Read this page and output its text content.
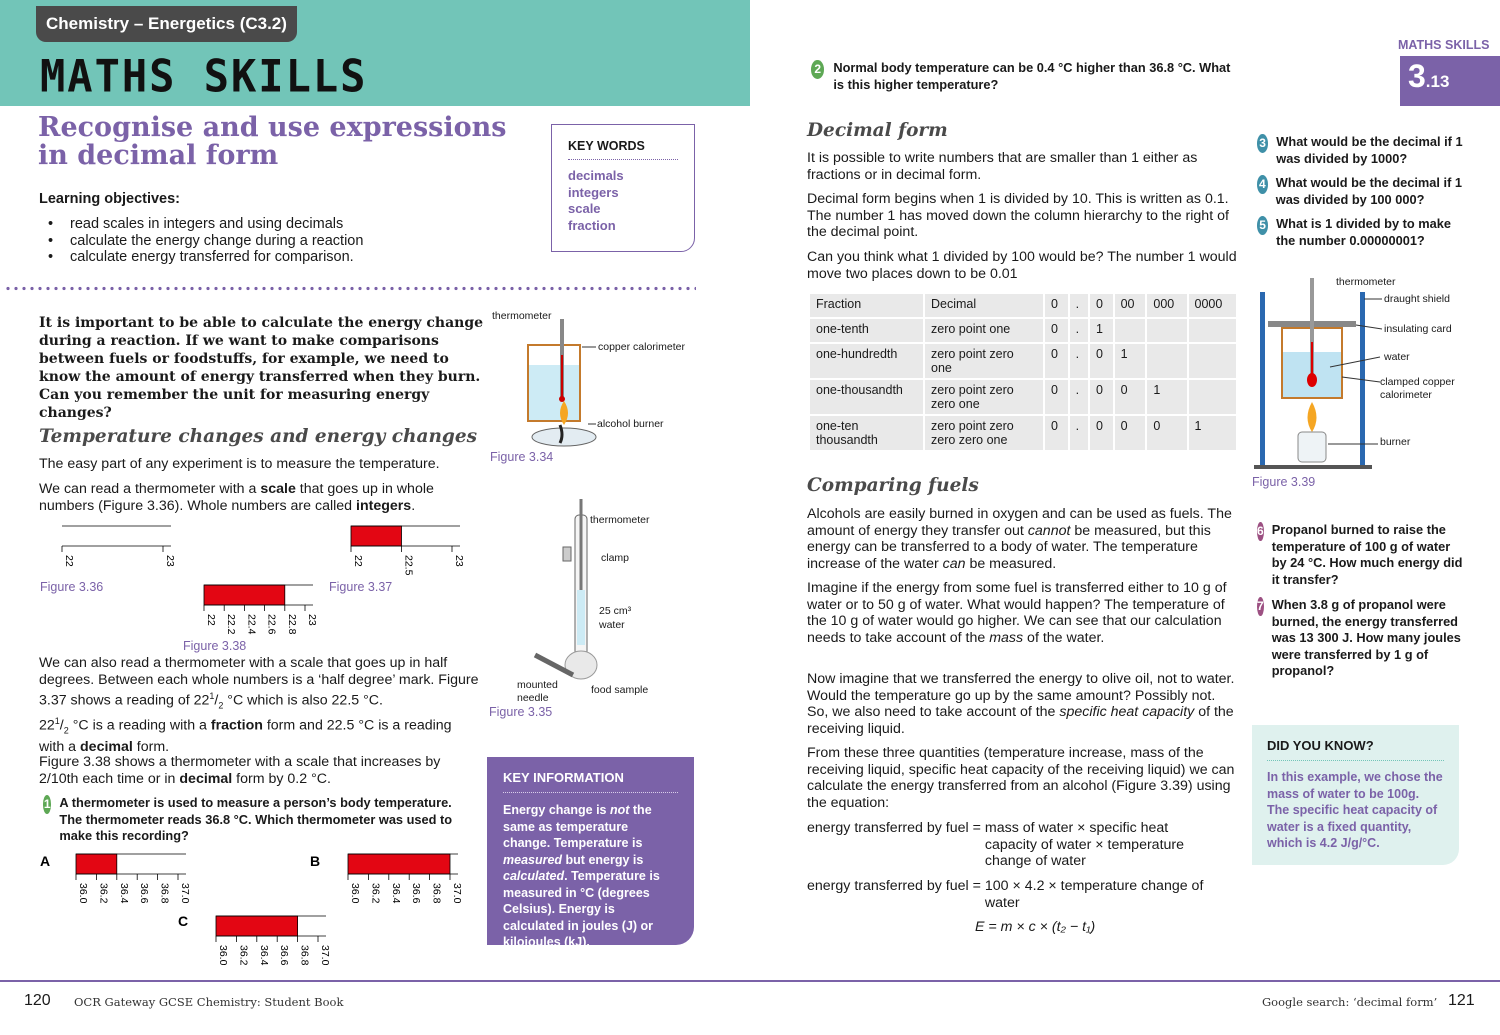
Chemistry – Energetics (C3.2)
MATHS SKILLS
Recognise and use expressions in decimal form
Learning objectives:
• read scales in integers and using decimals
• calculate the energy change during a reaction
• calculate energy transferred for comparison.
KEY WORDS
decimals
integers
scale
fraction
It is important to be able to calculate the energy change during a reaction. If we want to make comparisons between fuels or foodstuffs, for example, we need to know the amount of energy transferred when they burn. Can you remember the unit for measuring energy changes?
Temperature changes and energy changes
The easy part of any experiment is to measure the temperature.
We can read a thermometer with a scale that goes up in whole numbers (Figure 3.36). Whole numbers are called integers.
22	23	22	22.5	23
22 22.2 22.4 22.6 22.8 23
Figure 3.36	Figure 3.37
Figure 3.38
We can also read a thermometer with a scale that goes up in half degrees. Between each whole numbers is a ‘half degree’ mark. Figure 3.37 shows a reading of $22^1/_2$ °C which is also 22.5 °C.
$22^1/_2$ °C is a reading with a fraction form and 22.5 °C is a reading with a decimal form.
Figure 3.38 shows a thermometer with a scale that increases by 2/10th each time or in decimal form by 0.2 °C.
1 A thermometer is used to measure a person’s body temperature. The thermometer reads 36.8 °C. Which thermometer was used to make this recording?
A	B
C
36.0 36.2 36.4 36.6 36.8 37.0	36.0 36.2 36.4 36.6 36.8 37.0
36.0 36.2 36.4 36.6 36.8 37.0
thermometer
copper calorimeter
alcohol burner
Figure 3.34
thermometer
clamp
25 cm³
water
mounted
needle
food sample
Figure 3.35
KEY INFORMATION
Energy change is not the same as temperature change. Temperature is measured but energy is calculated. Temperature is measured in °C (degrees Celsius). Energy is calculated in joules (J) or kilojoules (kJ).
MATHS SKILLS
3.13
2 Normal body temperature can be 0.4 °C higher than 36.8 °C. What is this higher temperature?
Decimal form
It is possible to write numbers that are smaller than 1 either as fractions or in decimal form.
Decimal form begins when 1 is divided by 10. This is written as 0.1. The number 1 has moved down the column hierarchy to the right of the decimal point.
Can you think what 1 divided by 100 would be? The number 1 would move two places down to be 0.01
Fraction	Decimal	0	.	0	00	000	0000
one-tenth	zero point one	0	.	1			
one-hundredth	zero point zero one	0	.	0	1		
one-thousandth	zero point zero zero one	0	.	0	0	1	
one-ten thousandth	zero point zero zero zero one	0	.	0	0	0	1
Comparing fuels
Alcohols are easily burned in oxygen and can be used as fuels. The amount of energy they transfer out cannot be measured, but this energy can be transferred to a body of water. The temperature increase of the water can be measured.
Imagine if the energy from some fuel is transferred either to 10 g of water or to 50 g of water. What would happen? The temperature of the 10 g of water would go higher. We can see that our calculation needs to take account of the mass of the water.
Now imagine that we transferred the energy to olive oil, not to water. Would the temperature go up by the same amount? Possibly not. So, we also need to take account of the specific heat capacity of the receiving liquid.
From these three quantities (temperature increase, mass of the receiving liquid, specific heat capacity of the receiving liquid) we can calculate the energy transferred from an alcohol (Figure 3.39) using the equation:
energy transferred by fuel = mass of water × specific heat capacity of water × temperature change of water
energy transferred by fuel = 100 × 4.2 × temperature change of water
E = m × c × (t₂ − t₁)
3 What would be the decimal if 1 was divided by 1000?
4 What would be the decimal if 1 was divided by 100 000?
5 What is 1 divided by to make the number 0.00000001?
thermometer
draught shield
insulating card
water
clamped copper
calorimeter
burner
Figure 3.39
6 Propanol burned to raise the temperature of 100 g of water by 24 °C. How much energy did it transfer?
7 When 3.8 g of propanol were burned, the energy transferred was 13 300 J. How many joules were transferred by 1 g of propanol?
DID YOU KNOW?
In this example, we chose the mass of water to be 100g. The specific heat capacity of water is a fixed quantity, which is 4.2 J/g/°C.
120 OCR Gateway GCSE Chemistry: Student Book	Google search: ‘decimal form’ 121
